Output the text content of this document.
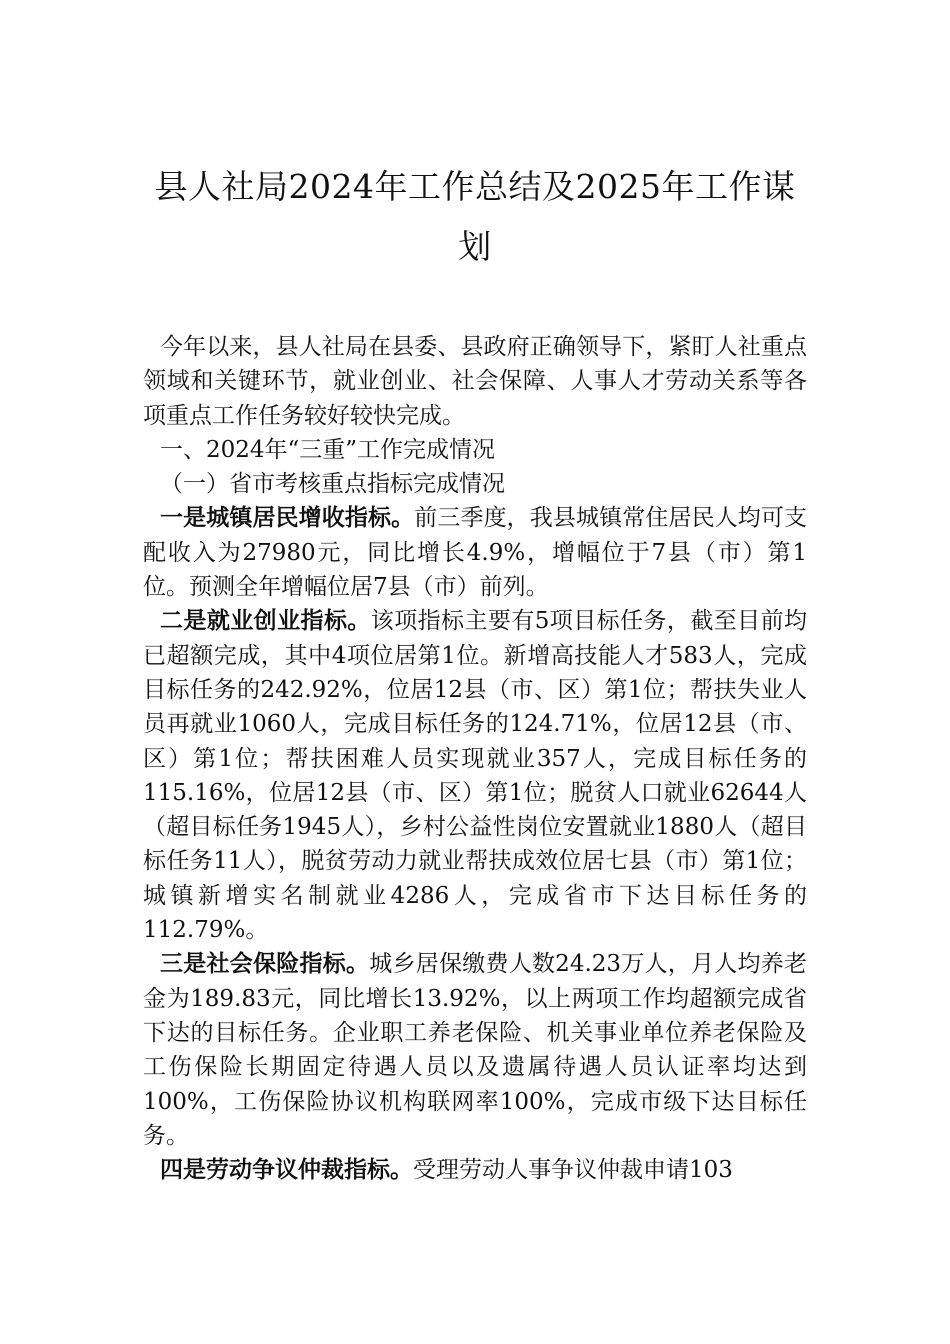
县人社局2024年工作总结及2025年工作谋
划

今年以来，县人社局在县委、县政府正确领导下，紧盯人社重点领域和关键环节，就业创业、社会保障、人事人才劳动关系等各项重点工作任务较好较快完成。

一、2024年“三重”工作完成情况

（一）省市考核重点指标完成情况

一是城镇居民增收指标。前三季度，我县城镇常住居民人均可支配收入为27980元，同比增长4.9%，增幅位于7县（市）第1位。预测全年增幅位居7县（市）前列。

二是就业创业指标。该项指标主要有5项目标任务，截至目前均已超额完成，其中4项位居第1位。新增高技能人才583人，完成目标任务的242.92%，位居12县（市、区）第1位；帮扶失业人员再就业1060人，完成目标任务的124.71%，位居12县（市、区）第1位；帮扶困难人员实现就业357人，完成目标任务的115.16%，位居12县（市、区）第1位；脱贫人口就业62644人（超目标任务1945人），乡村公益性岗位安置就业1880人（超目标任务11人），脱贫劳动力就业帮扶成效位居七县（市）第1位；城镇新增实名制就业4286人，完成省市下达目标任务的112.79%。

三是社会保险指标。城乡居保缴费人数24.23万人，月人均养老金为189.83元，同比增长13.92%，以上两项工作均超额完成省下达的目标任务。企业职工养老保险、机关事业单位养老保险及工伤保险长期固定待遇人员以及遗属待遇人员认证率均达到100%，工伤保险协议机构联网率100%，完成市级下达目标任务。

四是劳动争议仲裁指标。受理劳动人事争议仲裁申请103
